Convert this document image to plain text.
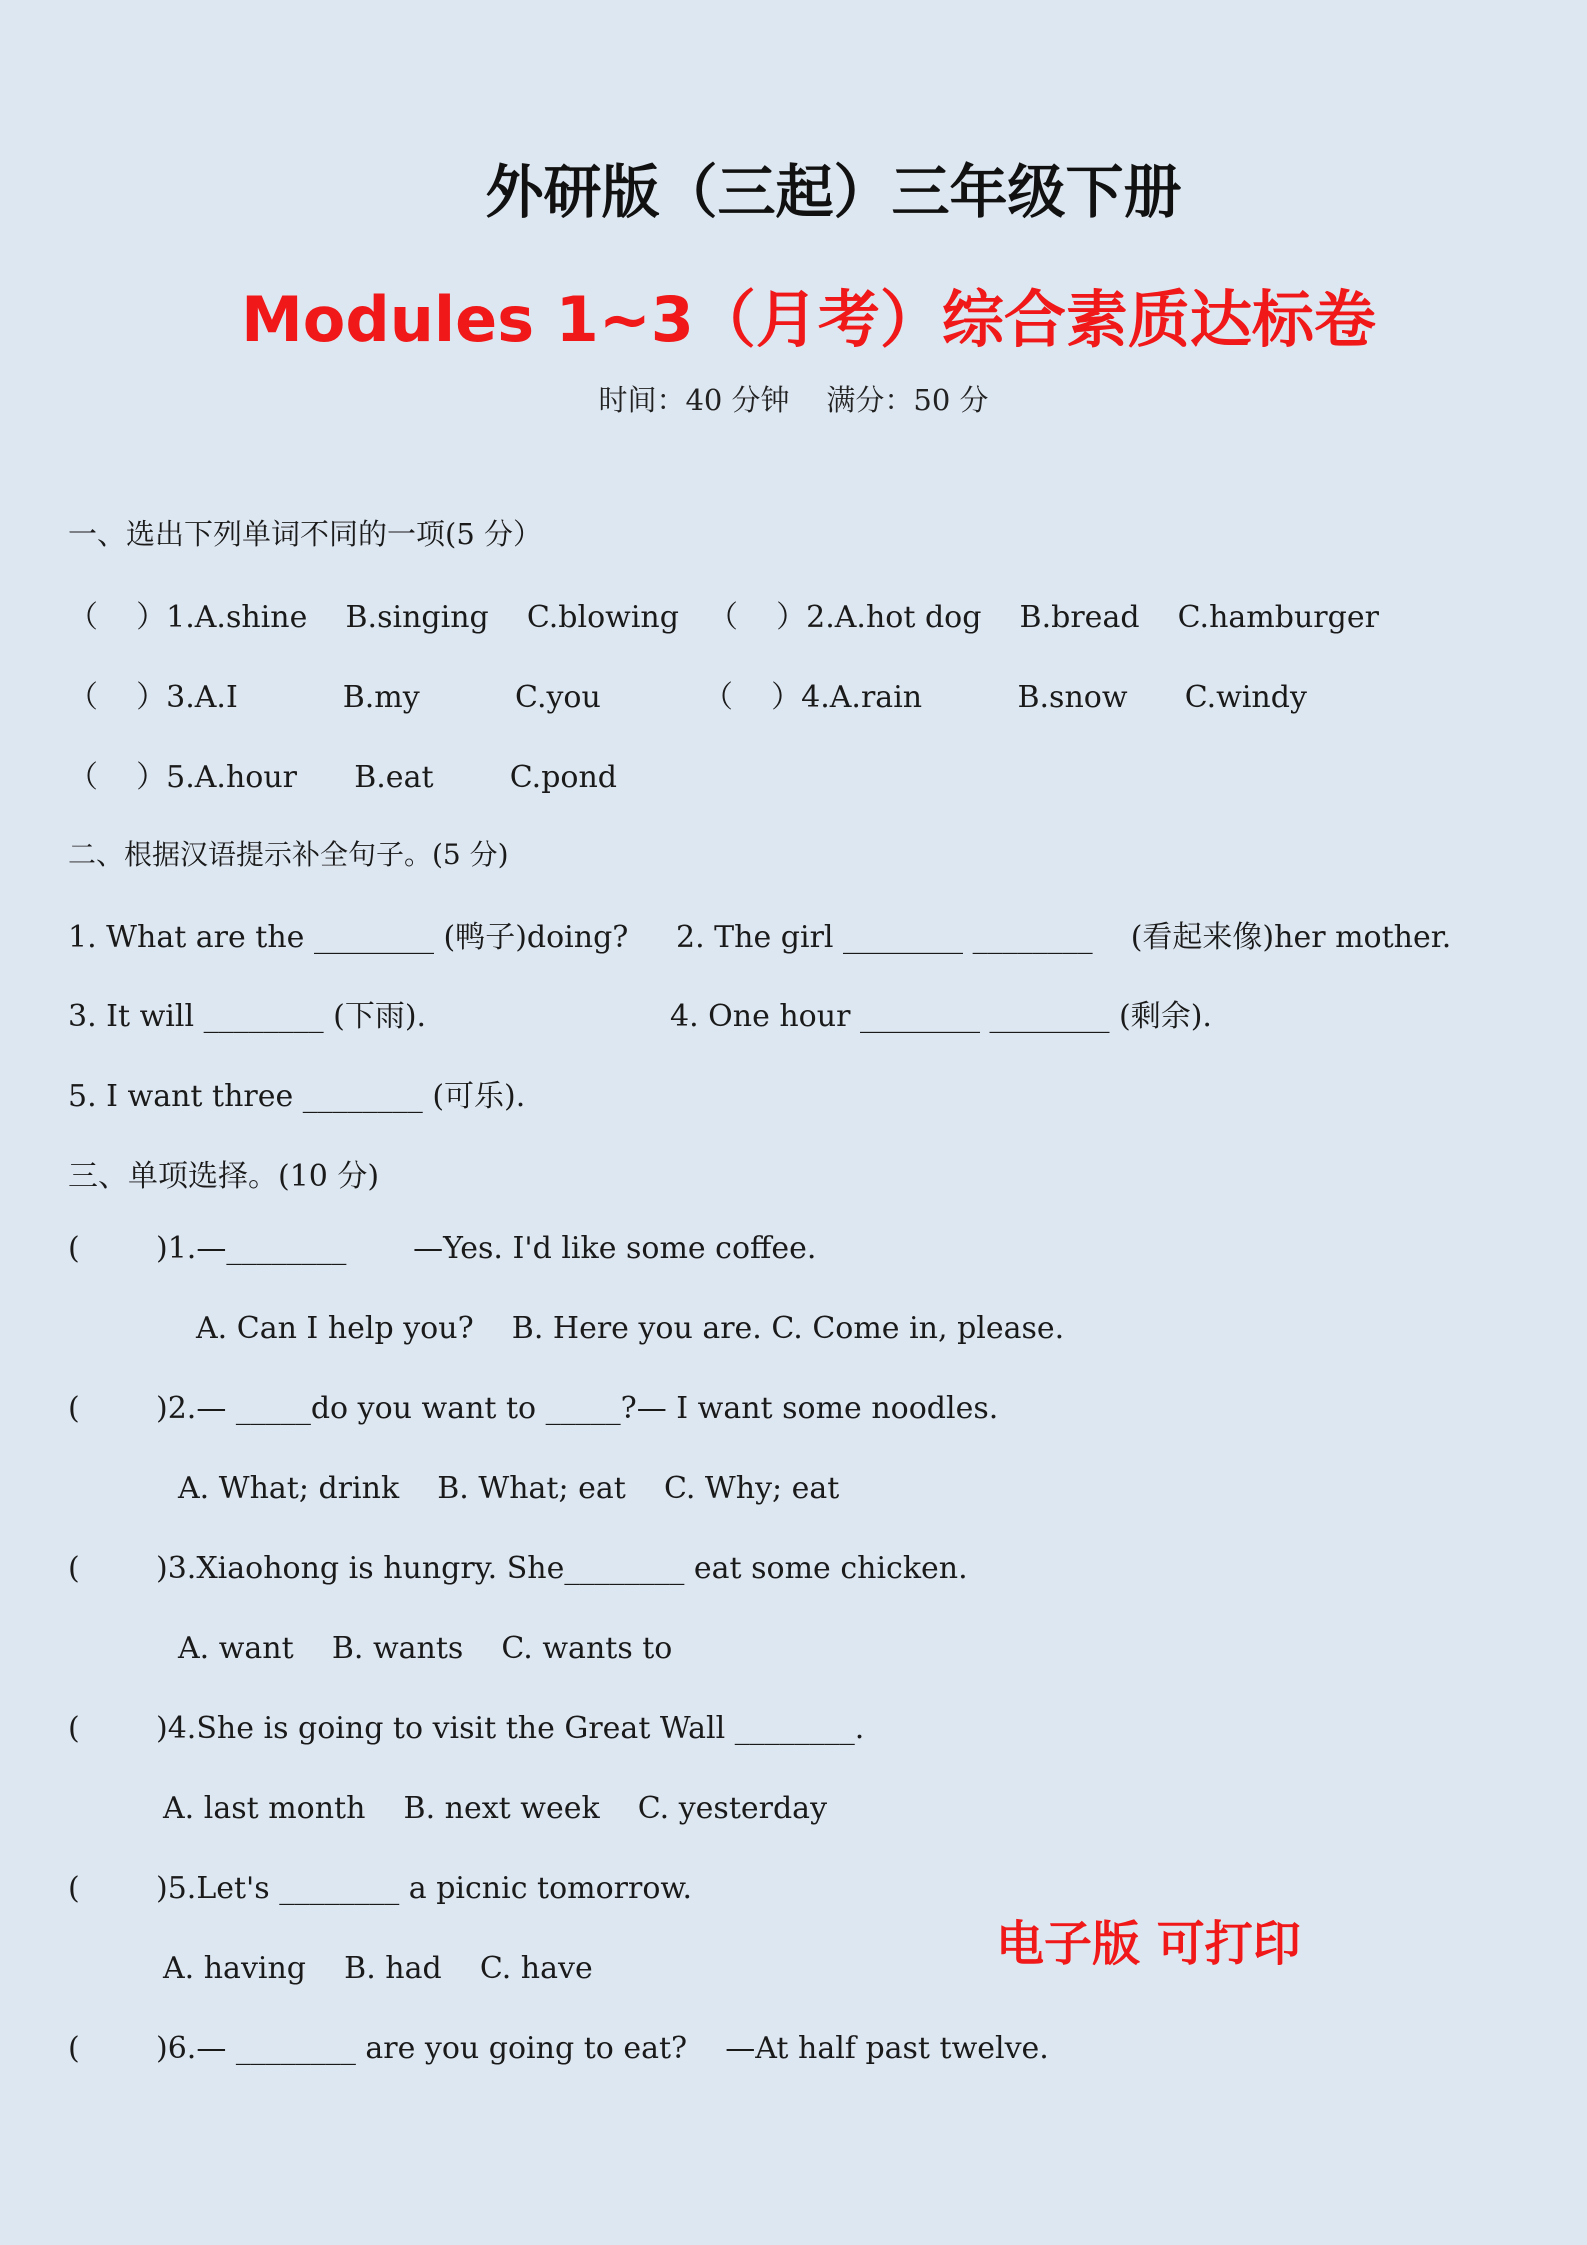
外研版（三起）三年级下册
Modules 1~3（月考）综合素质达标卷
时间：40 分钟    满分：50 分
一、选出下列单词不同的一项(5 分）
（    ）1.A.shine    B.singing    C.blowing （    ）2.A.hot dog    B.bread    C.hamburger
（    ）3.A.I           B.my          C.you	（    ）4.A.rain          B.snow      C.windy
（    ）5.A.hour      B.eat        C.pond
二、根据汉语提示补全句子。(5 分)
1. What are the ________ (鸭子)doing? 2. The girl ________ ________    (看起来像)her mother.
3. It will ________ (下雨).	4. One hour ________ ________ (剩余).
5. I want three ________ (可乐).
三、单项选择。(10 分)
(        )1.—________       —Yes. I'd like some coffee.
A. Can I help you?    B. Here you are. C. Come in, please.
(        )2.— _____do you want to _____?— I want some noodles.
A. What; drink    B. What; eat    C. Why; eat
(        )3.Xiaohong is hungry. She________ eat some chicken.
A. want    B. wants    C. wants to
(        )4.She is going to visit the Great Wall ________.
A. last month    B. next week    C. yesterday
(        )5.Let's ________ a picnic tomorrow.
A. having    B. had    C. have
(        )6.— ________ are you going to eat?    —At half past twelve.
电子版 可打印
